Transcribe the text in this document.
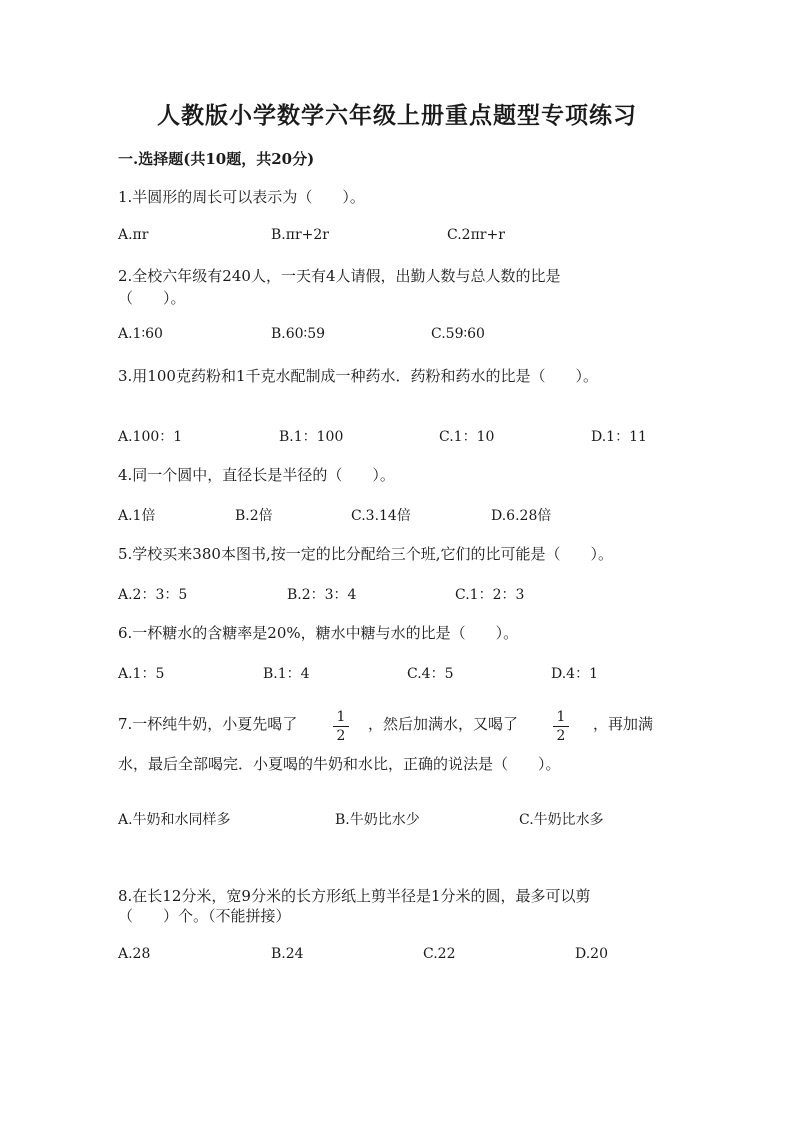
人教版小学数学六年级上册重点题型专项练习
一.选择题(共10题，共20分)
1.半圆形的周长可以表示为（　　）。
A.πr	B.πr+2r	C.2πr+r
2.全校六年级有240人，一天有4人请假，出勤人数与总人数的比是
（　　）。
A.1∶60	B.60∶59	C.59∶60
3.用100克药粉和1千克水配制成一种药水．药粉和药水的比是（　　）。
A.100：1	B.1：100	C.1：10	D.1：11
4.同一个圆中，直径长是半径的（　　）。
A.1倍	B.2倍	C.3.14倍	D.6.28倍
5.学校买来380本图书,按一定的比分配给三个班,它们的比可能是（　　）。
A.2：3：5	B.2：3：4	C.1：2：3
6.一杯糖水的含糖率是20%，糖水中糖与水的比是（　　）。
A.1：5	B.1：4	C.4：5	D.4：1
7.一杯纯牛奶，小夏先喝了	1
2
，然后加满水，又喝了	1
2
，再加满
水，最后全部喝完．小夏喝的牛奶和水比，正确的说法是（　　）。
A.牛奶和水同样多	B.牛奶比水少	C.牛奶比水多
8.在长12分米，宽9分米的长方形纸上剪半径是1分米的圆，最多可以剪
（　　）个。（不能拼接）
A.28	B.24	C.22	D.20
